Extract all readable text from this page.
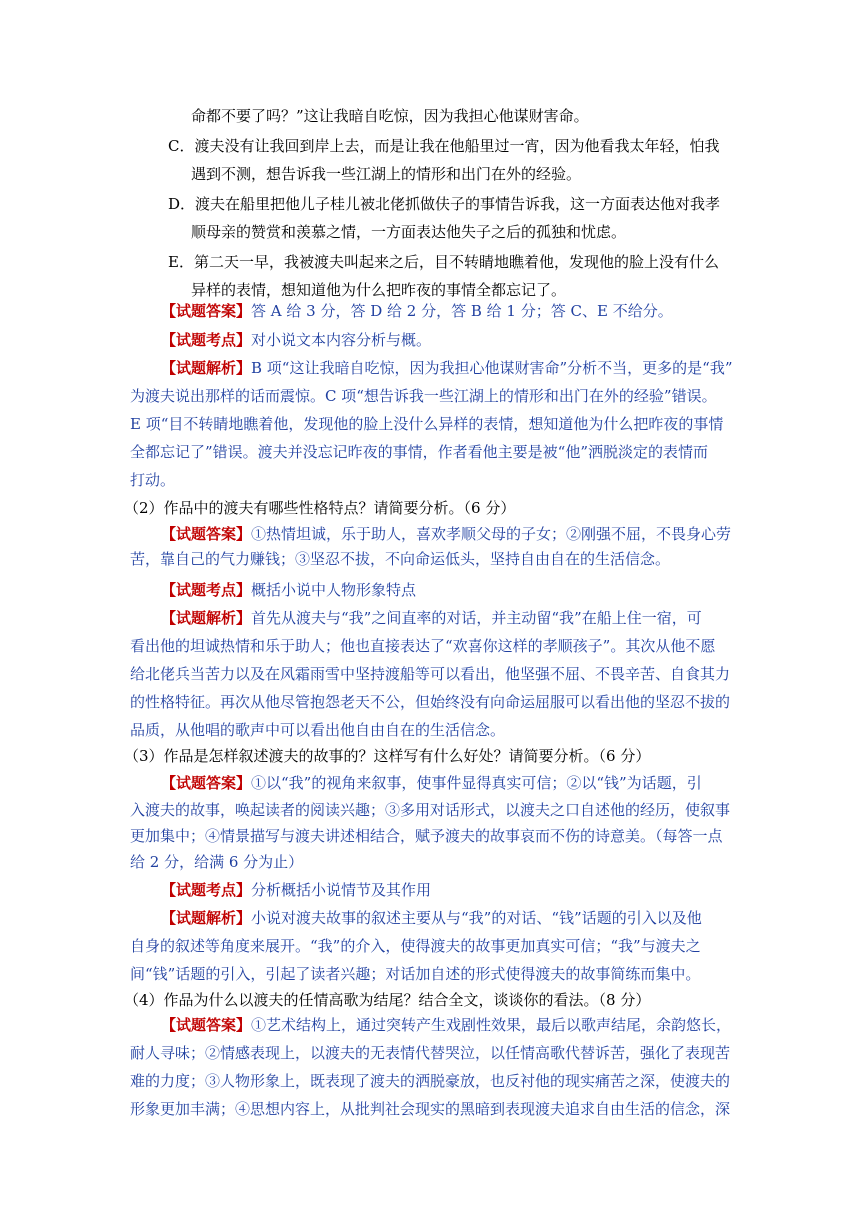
命都不要了吗？”这让我暗自吃惊，因为我担心他谋财害命。
C．渡夫没有让我回到岸上去，而是让我在他船里过一宵，因为他看我太年轻，怕我
遇到不测，想告诉我一些江湖上的情形和出门在外的经验。
D．渡夫在船里把他儿子桂儿被北佬抓做伕子的事情告诉我，这一方面表达他对我孝
顺母亲的赞赏和羡慕之情，一方面表达他失子之后的孤独和忧虑。
E．第二天一早，我被渡夫叫起来之后，目不转睛地瞧着他，发现他的脸上没有什么
异样的表情，想知道他为什么把昨夜的事情全都忘记了。
【试题答案】答 A 给 3 分，答 D 给 2 分，答 B 给 1 分；答 C、E 不给分。
【试题考点】对小说文本内容分析与概。
【试题解析】B 项“这让我暗自吃惊，因为我担心他谋财害命”分析不当，更多的是“我”
为渡夫说出那样的话而震惊。C 项“想告诉我一些江湖上的情形和出门在外的经验”错误。
E 项“目不转睛地瞧着他，发现他的脸上没什么异样的表情，想知道他为什么把昨夜的事情
全都忘记了”错误。渡夫并没忘记昨夜的事情，作者看他主要是被“他”洒脱淡定的表情而
打动。
（2）作品中的渡夫有哪些性格特点？请简要分析。（6 分）
【试题答案】①热情坦诚，乐于助人，喜欢孝顺父母的子女；②刚强不屈，不畏身心劳
苦，靠自己的气力赚钱；③坚忍不拔，不向命运低头，坚持自由自在的生活信念。
【试题考点】概括小说中人物形象特点
【试题解析】首先从渡夫与“我”之间直率的对话，并主动留“我”在船上住一宿，可
看出他的坦诚热情和乐于助人；他也直接表达了“欢喜你这样的孝顺孩子”。其次从他不愿
给北佬兵当苦力以及在风霜雨雪中坚持渡船等可以看出，他坚强不屈、不畏辛苦、自食其力
的性格特征。再次从他尽管抱怨老天不公，但始终没有向命运屈服可以看出他的坚忍不拔的
品质，从他唱的歌声中可以看出他自由自在的生活信念。
（3）作品是怎样叙述渡夫的故事的？这样写有什么好处？请简要分析。（6 分）
【试题答案】①以“我”的视角来叙事，使事件显得真实可信；②以“钱”为话题，引
入渡夫的故事，唤起读者的阅读兴趣；③多用对话形式，以渡夫之口自述他的经历，使叙事
更加集中；④情景描写与渡夫讲述相结合，赋予渡夫的故事哀而不伤的诗意美。（每答一点
给 2 分，给满 6 分为止）
【试题考点】分析概括小说情节及其作用
【试题解析】小说对渡夫故事的叙述主要从与“我”的对话、“钱”话题的引入以及他
自身的叙述等角度来展开。“我”的介入，使得渡夫的故事更加真实可信；“我”与渡夫之
间“钱”话题的引入，引起了读者兴趣；对话加自述的形式使得渡夫的故事简练而集中。
（4）作品为什么以渡夫的任情高歌为结尾？结合全文，谈谈你的看法。（8 分）
【试题答案】①艺术结构上，通过突转产生戏剧性效果，最后以歌声结尾，余韵悠长，
耐人寻味；②情感表现上，以渡夫的无表情代替哭泣，以任情高歌代替诉苦，强化了表现苦
难的力度；③人物形象上，既表现了渡夫的洒脱豪放，也反衬他的现实痛苦之深，使渡夫的
形象更加丰满；④思想内容上，从批判社会现实的黑暗到表现渡夫追求自由生活的信念，深
